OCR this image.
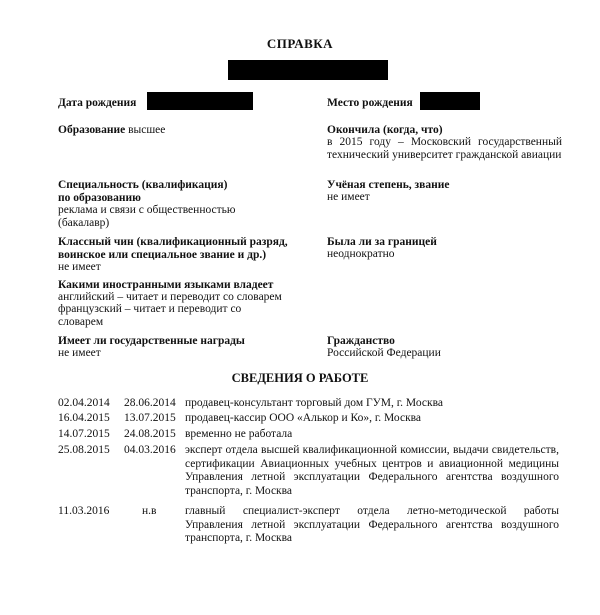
СПРАВКА
Дата рождения	Место рождения
Образование высшее	Окончила (когда, что)
в 2015 году – Московский государственный технический университет гражданской авиации
Специальность (квалификация)
по образованию
реклама и связи с общественностью (бакалавр)
Учёная степень, звание
не имеет
Классный чин (квалификационный разряд, воинское или специальное звание и др.)
не имеет
Была ли за границей
неоднократно
Какими иностранными языками владеет
английский – читает и переводит со словарем
французский – читает и переводит со словарем
Имеет ли государственные награды
не имеет
Гражданство
Российской Федерации
СВЕДЕНИЯ О РАБОТЕ
02.04.2014	28.06.2014 продавец-консультант торговый дом ГУМ, г. Москва
16.04.2015	13.07.2015 продавец-кассир ООО «Алькор и Ко», г. Москва
14.07.2015	24.08.2015 временно не работала
25.08.2015	04.03.2016 эксперт отдела высшей квалификационной комиссии, выдачи свидетельств, сертификации Авиационных учебных центров и авиационной медицины Управления летной эксплуатации Федерального агентства воздушного транспорта, г. Москва
11.03.2016	н.в	главный специалист-эксперт отдела летно-методической работы Управления летной эксплуатации Федерального агентства воздушного транспорта, г. Москва
